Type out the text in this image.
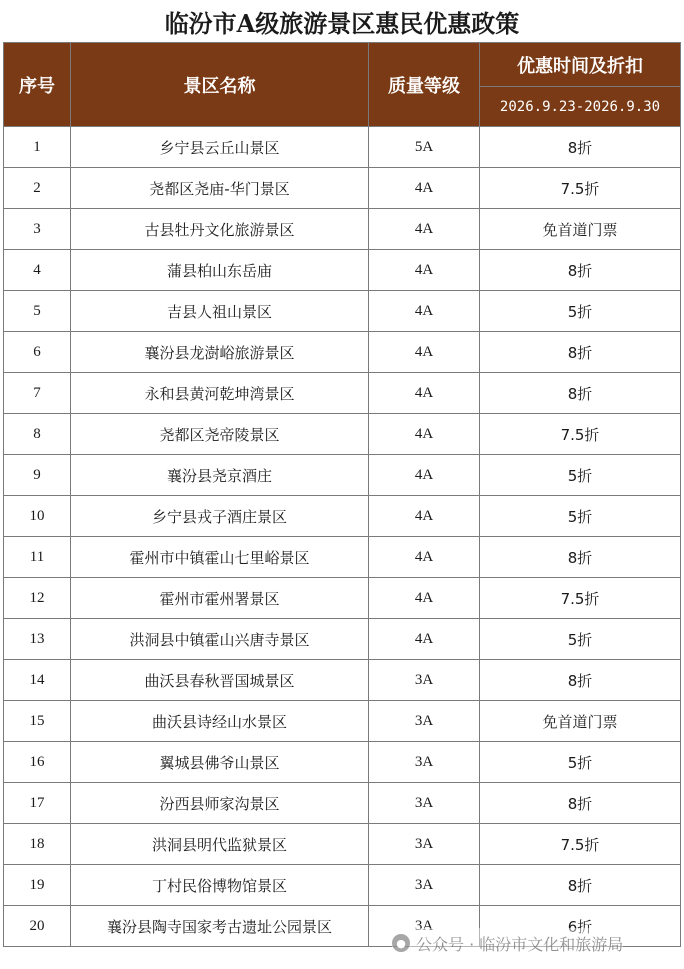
临汾市A级旅游景区惠民优惠政策
序号	景区名称	质量等级	优惠时间及折扣
			2026.9.23-2026.9.30
1	乡宁县云丘山景区	5A	8折
2	尧都区尧庙-华门景区	4A	7.5折
3	古县牡丹文化旅游景区	4A	免首道门票
4	蒲县柏山东岳庙	4A	8折
5	吉县人祖山景区	4A	5折
6	襄汾县龙澍峪旅游景区	4A	8折
7	永和县黄河乾坤湾景区	4A	8折
8	尧都区尧帝陵景区	4A	7.5折
9	襄汾县尧京酒庄	4A	5折
10	乡宁县戎子酒庄景区	4A	5折
11	霍州市中镇霍山七里峪景区	4A	8折
12	霍州市霍州署景区	4A	7.5折
13	洪洞县中镇霍山兴唐寺景区	4A	5折
14	曲沃县春秋晋国城景区	3A	8折
15	曲沃县诗经山水景区	3A	免首道门票
16	翼城县佛爷山景区	3A	5折
17	汾西县师家沟景区	3A	8折
18	洪洞县明代监狱景区	3A	7.5折
19	丁村民俗博物馆景区	3A	8折
20	襄汾县陶寺国家考古遗址公园景区	3A	6折
● 公众号 · 临汾市文化和旅游局
